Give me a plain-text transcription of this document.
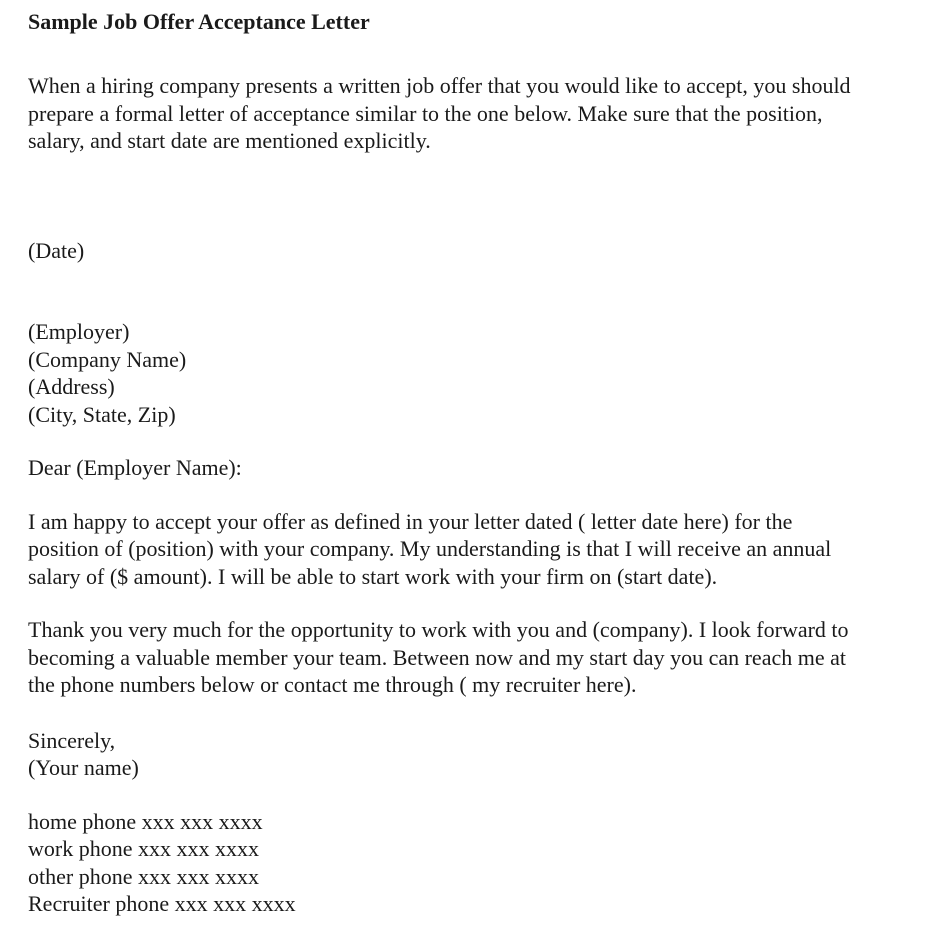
Sample Job Offer Acceptance Letter
When a hiring company presents a written job offer that you would like to accept, you should
prepare a formal letter of acceptance similar to the one below. Make sure that the position,
salary, and start date are mentioned explicitly.
(Date)
(Employer)
(Company Name)
(Address)
(City, State, Zip)
Dear (Employer Name):
I am happy to accept your offer as defined in your letter dated ( letter date here) for the
position of (position) with your company. My understanding is that I will receive an annual
salary of ($ amount). I will be able to start work with your firm on (start date).
Thank you very much for the opportunity to work with you and (company). I look forward to
becoming a valuable member your team. Between now and my start day you can reach me at
the phone numbers below or contact me through ( my recruiter here).
Sincerely,
(Your name)
home phone xxx xxx xxxx
work phone xxx xxx xxxx
other phone xxx xxx xxxx
Recruiter phone xxx xxx xxxx
